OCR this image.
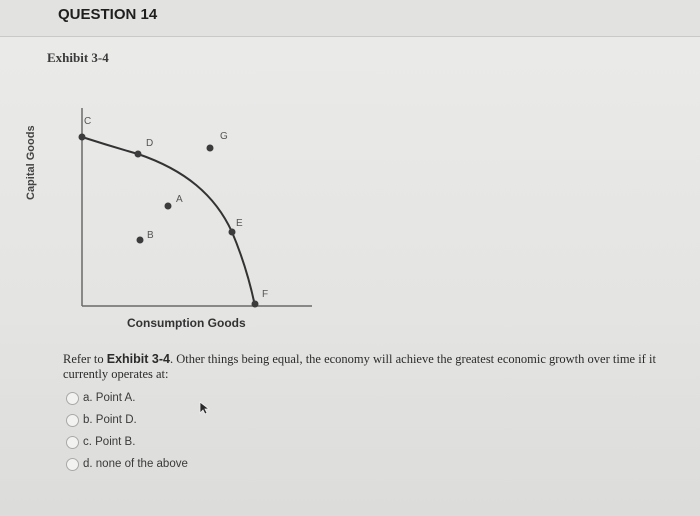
QUESTION 14
Exhibit 3-4
C
D
G
A
E
B
F
Capital Goods
Consumption Goods
Refer to Exhibit 3-4. Other things being equal, the economy will achieve the greatest economic growth over time if it currently operates at:
a. Point A.
b. Point D.
c. Point B.
d. none of the above
